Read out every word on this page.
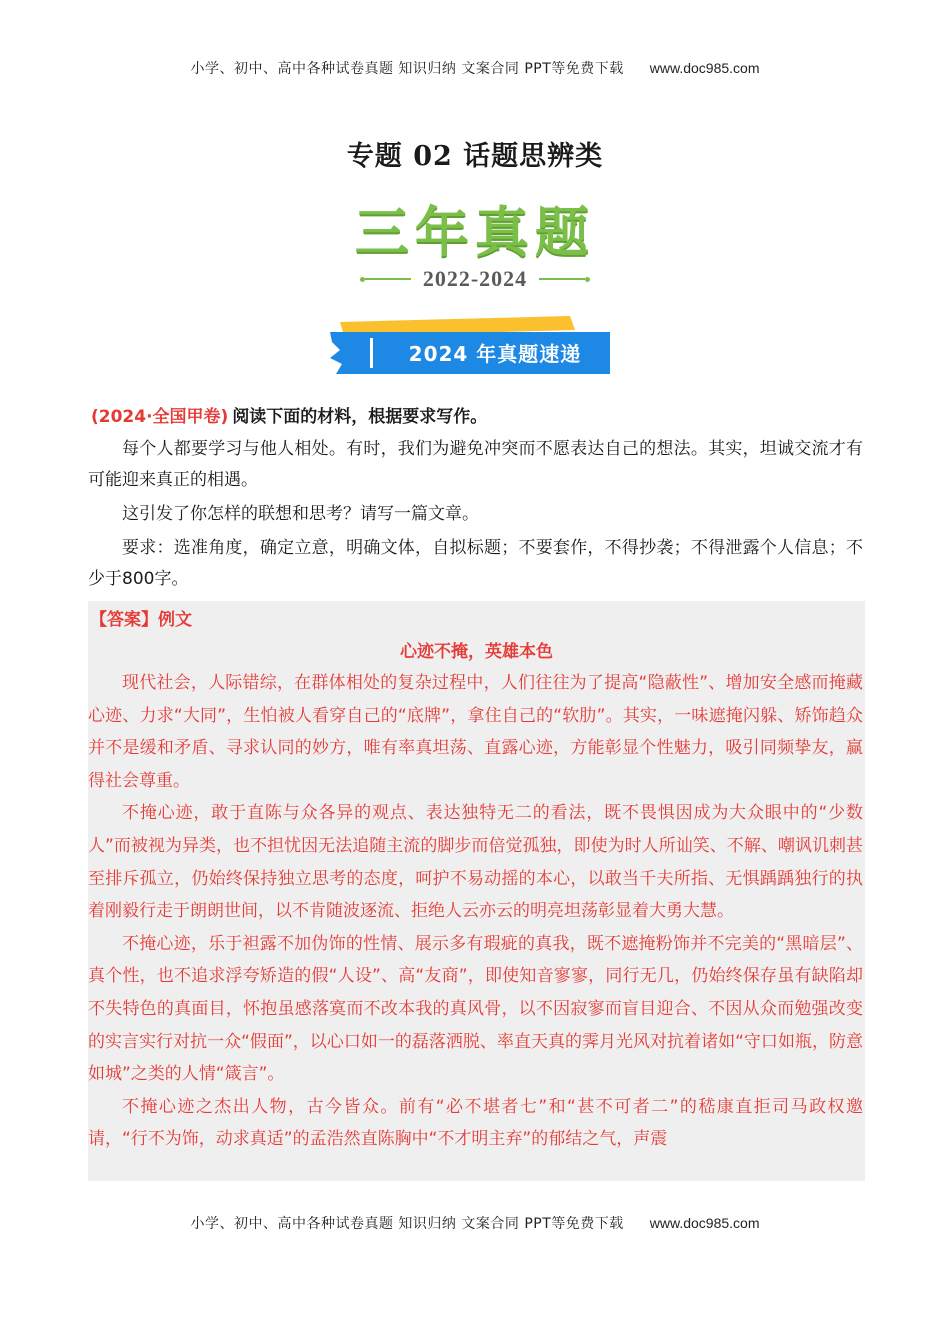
小学、初中、高中各种试卷真题 知识归纳 文案合同 PPT等免费下载 www.doc985.com
专题 02 话题思辨类
三年真题
2022-2024
2024 年真题速递
(2024·全国甲卷) 阅读下面的材料，根据要求写作。
每个人都要学习与他人相处。有时，我们为避免冲突而不愿表达自己的想法。其实，坦诚交流才有可能迎来真正的相遇。
这引发了你怎样的联想和思考？请写一篇文章。
要求：选准角度，确定立意，明确文体，自拟标题；不要套作，不得抄袭；不得泄露个人信息；不少于800字。
【答案】例文
心迹不掩，英雄本色

现代社会，人际错综，在群体相处的复杂过程中，人们往往为了提高“隐蔽性”、增加安全感而掩藏心迹、力求“大同”，生怕被人看穿自己的“底牌”，拿住自己的“软肋”。其实，一味遮掩闪躲、矫饰趋众并不是缓和矛盾、寻求认同的妙方，唯有率真坦荡、直露心迹，方能彰显个性魅力，吸引同频挚友，赢得社会尊重。

不掩心迹，敢于直陈与众各异的观点、表达独特无二的看法，既不畏惧因成为大众眼中的“少数人”而被视为异类，也不担忧因无法追随主流的脚步而倍觉孤独，即使为时人所讪笑、不解、嘲讽讥刺甚至排斥孤立，仍始终保持独立思考的态度，呵护不易动摇的本心，以敢当千夫所指、无惧踽踽独行的执着刚毅行走于朗朗世间，以不肯随波逐流、拒绝人云亦云的明亮坦荡彰显着大勇大慧。

不掩心迹，乐于袒露不加伪饰的性情、展示多有瑕疵的真我，既不遮掩粉饰并不完美的“黑暗层”、真个性，也不追求浮夸矫造的假“人设”、高“友商”，即使知音寥寥，同行无几，仍始终保存虽有缺陷却不失特色的真面目，怀抱虽感落寞而不改本我的真风骨，以不因寂寥而盲目迎合、不因从众而勉强改变的实言实行对抗一众“假面”，以心口如一的磊落洒脱、率直天真的霁月光风对抗着诸如“守口如瓶，防意如城”之类的人情“箴言”。

不掩心迹之杰出人物，古今皆众。前有“必不堪者七”和“甚不可者二”的嵇康直拒司马政权邀请，“行不为饰，动求真适”的孟浩然直陈胸中“不才明主弃”的郁结之气，声震

小学、初中、高中各种试卷真题 知识归纳 文案合同 PPT等免费下载 www.doc985.com
